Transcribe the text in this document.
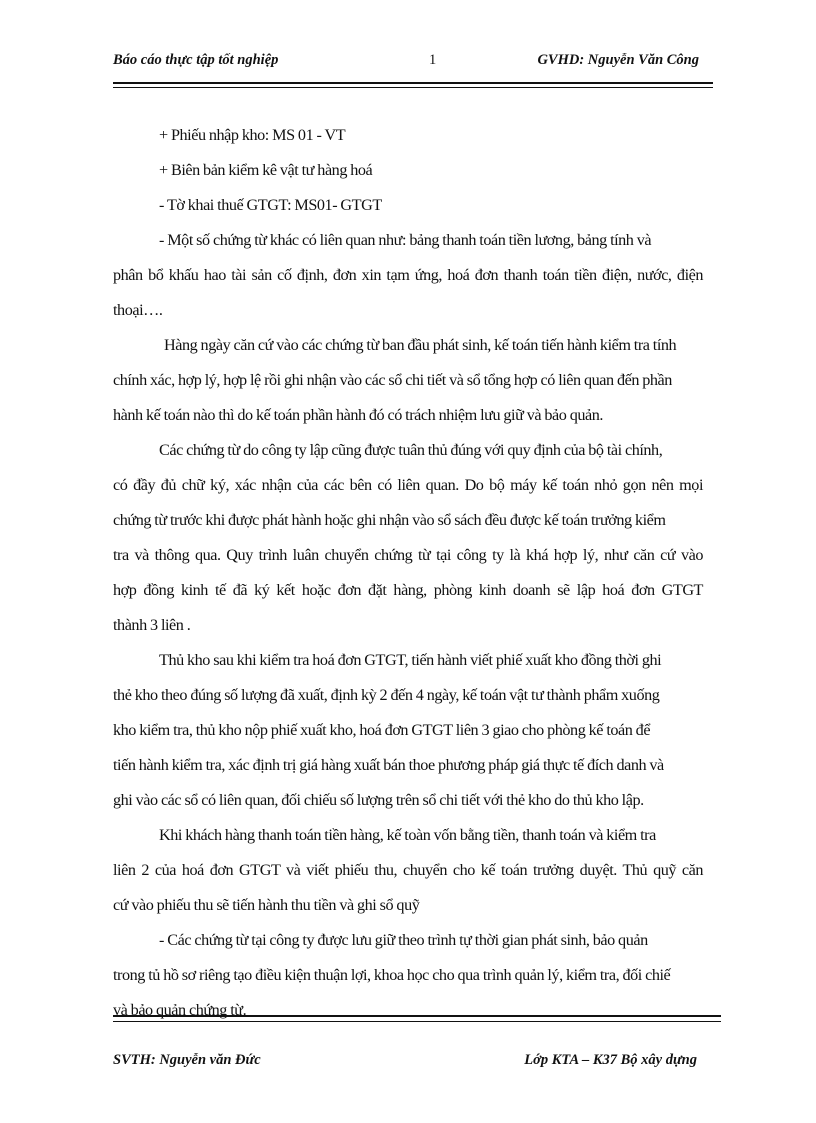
Báo cáo thực tập tốt nghiệp	1	GVHD: Nguyễn Văn Công
+ Phiếu nhập kho: MS 01 - VT
+ Biên bản kiểm kê vật tư hàng hoá
- Tờ khai thuế GTGT: MS01- GTGT
- Một số chứng từ khác có liên quan như: bảng thanh toán tiền lương, bảng tính và
phân bổ khấu hao tài sản cố định, đơn xin tạm ứng, hoá đơn thanh toán tiền điện, nước, điện
thoại….
Hàng ngày căn cứ vào các chứng từ ban đầu phát sinh, kế toán tiến hành kiểm tra tính
chính xác, hợp lý, hợp lệ rồi ghi nhận vào các sổ chi tiết và sổ tổng hợp có liên quan đến phần
hành kế toán nào thì do kế toán phần hành đó có trách nhiệm lưu giữ và bảo quản.
Các chứng từ do công ty lập cũng được tuân thủ đúng với quy định của bộ tài chính,
có đầy đủ chữ ký, xác nhận của các bên có liên quan. Do bộ máy kế toán nhỏ gọn nên mọi
chứng từ trước khi được phát hành hoặc ghi nhận vào sổ sách đều được kế toán trưởng kiểm
tra và thông qua. Quy trình luân chuyển chứng từ tại công ty là khá hợp lý, như căn cứ vào
hợp đồng kinh tế đã ký kết hoặc đơn đặt hàng, phòng kinh doanh sẽ lập hoá đơn GTGT
thành 3 liên .
Thủ kho sau khi kiểm tra hoá đơn GTGT, tiến hành viết phiế xuất kho đồng thời ghi
thẻ kho theo đúng số lượng đã xuất, định kỳ 2 đến 4 ngày, kế toán vật tư thành phẩm xuống
kho kiểm tra, thủ kho nộp phiế xuất kho, hoá đơn GTGT liên 3 giao cho phòng kế toán để
tiến hành kiểm tra, xác định trị giá hàng xuất bán thoe phương pháp giá thực tế đích danh và
ghi vào các sổ có liên quan, đối chiếu số lượng trên sổ chi tiết với thẻ kho do thủ kho lập.
Khi khách hàng thanh toán tiền hàng, kế toàn vốn bằng tiền, thanh toán và kiểm tra
liên 2 của hoá đơn GTGT và viết phiếu thu, chuyển cho kế toán trưởng duyệt. Thủ quỹ căn
cứ vào phiếu thu sẽ tiến hành thu tiền và ghi sổ quỹ
- Các chứng từ tại công ty được lưu giữ theo trình tự thời gian phát sinh, bảo quản
trong tủ hồ sơ riêng tạo điều kiện thuận lợi, khoa học cho qua trình quản lý, kiểm tra, đối chiế
và bảo quản chứng từ.
SVTH: Nguyễn văn Đức	Lớp KTA – K37 Bộ xây dựng
